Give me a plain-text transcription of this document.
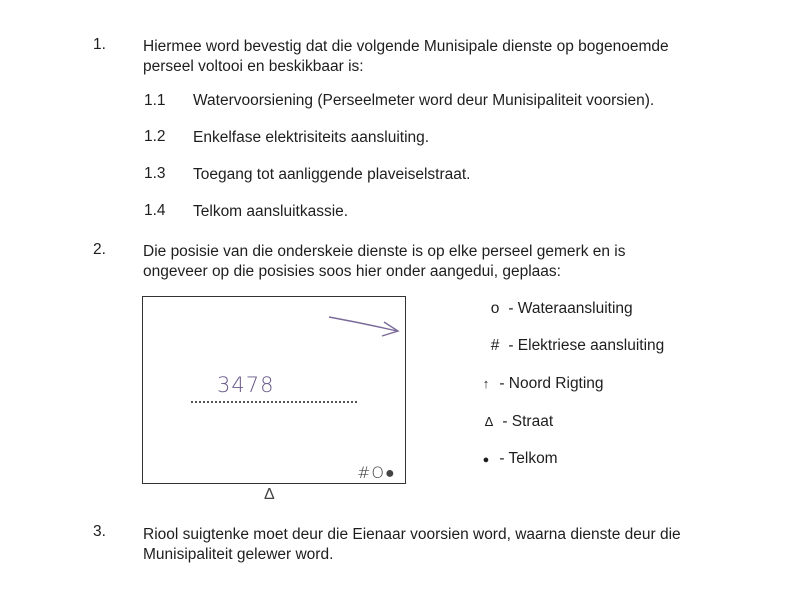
1. Hiermee word bevestig dat die volgende Munisipale dienste op bogenoemde
perseel voltooi en beskikbaar is:
1.1 Watervoorsiening (Perseelmeter word deur Munisipaliteit voorsien).
1.2 Enkelfase elektrisiteits aansluiting.
1.3 Toegang tot aanliggende plaveiselstraat.
1.4 Telkom aansluitkassie.
2. Die posisie van die onderskeie dienste is op elke perseel gemerk en is
ongeveer op die posisies soos hier onder aangedui, geplaas:
3478
#O●
Δ
o - Wateraansluiting
# - Elektriese aansluiting
↑ - Noord Rigting
Δ - Straat
● - Telkom
3. Riool suigtenke moet deur die Eienaar voorsien word, waarna dienste deur die
Munisipaliteit gelewer word.
